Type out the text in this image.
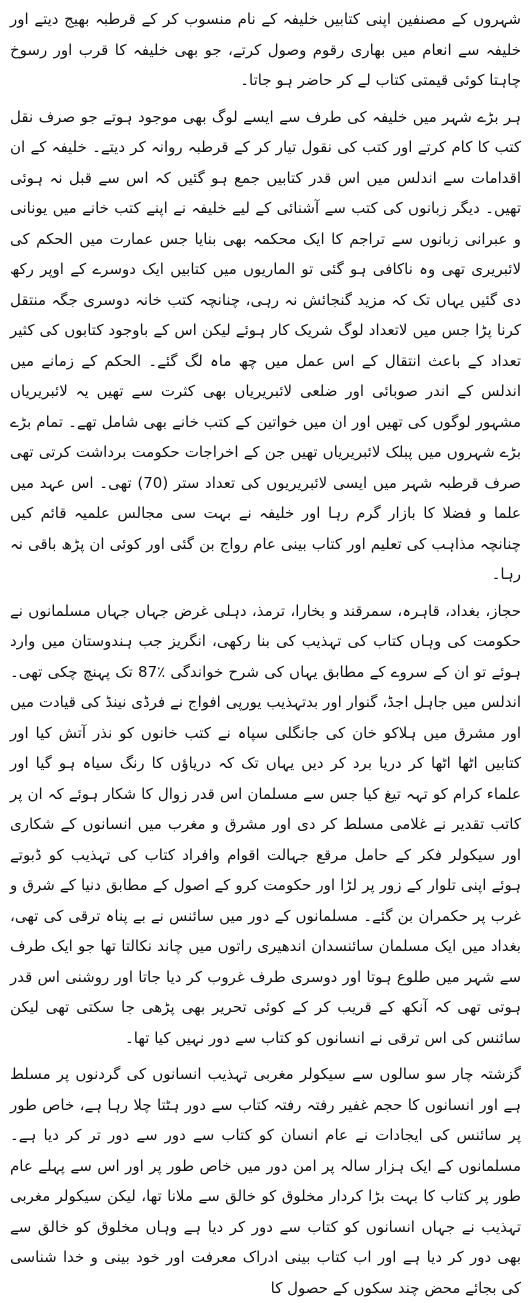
شہروں کے مصنفین اپنی کتابیں خلیفہ کے نام منسوب کر کے قرطبہ بھیج دیتے اور خلیفہ سے انعام میں بھاری رقوم وصول کرتے، جو بھی خلیفہ کا قرب اور رسوخ چاہتا کوئی قیمتی کتاب لے کر حاضر ہو جاتا۔

ہر بڑے شہر میں خلیفہ کی طرف سے ایسے لوگ بھی موجود ہوتے جو صرف نقل کتب کا کام کرتے اور کتب کی نقول تیار کر کے قرطبہ روانہ کر دیتے۔ خلیفہ کے ان اقدامات سے اندلس میں اس قدر کتابیں جمع ہو گئیں کہ اس سے قبل نہ ہوئی تھیں۔ دیگر زبانوں کی کتب سے آشنائی کے لیے خلیفہ نے اپنے کتب خانے میں یونانی و عبرانی زبانوں سے تراجم کا ایک محکمہ بھی بنایا جس عمارت میں الحکم کی لائبریری تھی وہ ناکافی ہو گئی تو الماریوں میں کتابیں ایک دوسرے کے اوپر رکھ دی گئیں یہاں تک کہ مزید گنجائش نہ رہی، چنانچہ کتب خانہ دوسری جگہ منتقل کرنا پڑا جس میں لاتعداد لوگ شریک کار ہوئے لیکن اس کے باوجود کتابوں کی کثیر تعداد کے باعث انتقال کے اس عمل میں چھ ماہ لگ گئے۔ الحکم کے زمانے میں اندلس کے اندر صوبائی اور ضلعی لائبریریاں بھی کثرت سے تھیں یہ لائبریریاں مشہور لوگوں کی تھیں اور ان میں خواتین کے کتب خانے بھی شامل تھے۔ تمام بڑے بڑے شہروں میں پبلک لائبریریاں تھیں جن کے اخراجات حکومت برداشت کرتی تھی صرف قرطبہ شہر میں ایسی لائبریریوں کی تعداد ستر (70) تھی۔ اس عہد میں علما و فضلا کا بازار گرم رہا اور خلیفہ نے بہت سی مجالس علمیہ قائم کیں چنانچہ مذاہب کی تعلیم اور کتاب بینی عام رواج بن گئی اور کوئی ان پڑھ باقی نہ رہا۔

حجاز، بغداد، قاہرہ، سمرقند و بخارا، ترمذ، دہلی غرض جہاں جہاں مسلمانوں نے حکومت کی وہاں کتاب کی تہذیب کی بنا رکھی، انگریز جب ہندوستان میں وارد ہوئے تو ان کے سروے کے مطابق یہاں کی شرح خواندگی ٪87 تک پہنچ چکی تھی۔ اندلس میں جاہل اجڈ، گنوار اور بدتہذیب یورپی افواج نے فرڈی نینڈ کی قیادت میں اور مشرق میں ہلاکو خان کی جانگلی سپاہ نے کتب خانوں کو نذر آتش کیا اور کتابیں اٹھا اٹھا کر دریا برد کر دیں یہاں تک کہ دریاؤں کا رنگ سیاہ ہو گیا اور علماء کرام کو تہہ تیغ کیا جس سے مسلمان اس قدر زوال کا شکار ہوئے کہ ان پر کاتب تقدیر نے غلامی مسلط کر دی اور مشرق و مغرب میں انسانوں کے شکاری اور سیکولر فکر کے حامل مرقع جہالت اقوام وافراد کتاب کی تہذیب کو ڈبوتے ہوئے اپنی تلوار کے زور پر لڑا اور حکومت کرو کے اصول کے مطابق دنیا کے شرق و غرب پر حکمران بن گئے۔ مسلمانوں کے دور میں سائنس نے بے پناہ ترقی کی تھی، بغداد میں ایک مسلمان سائنسدان اندھیری راتوں میں چاند نکالتا تھا جو ایک طرف سے شہر میں طلوع ہوتا اور دوسری طرف غروب کر دیا جاتا اور روشنی اس قدر ہوتی تھی کہ آنکھ کے قریب کر کے کوئی تحریر بھی پڑھی جا سکتی تھی لیکن سائنس کی اس ترقی نے انسانوں کو کتاب سے دور نہیں کیا تھا۔

گزشتہ چار سو سالوں سے سیکولر مغربی تہذیب انسانوں کی گردنوں پر مسلط ہے اور انسانوں کا حجم غفیر رفتہ رفتہ کتاب سے دور ہٹتا چلا رہا ہے، خاص طور پر سائنس کی ایجادات نے عام انسان کو کتاب سے دور سے دور تر کر دیا ہے۔ مسلمانوں کے ایک ہزار سالہ پر امن دور میں خاص طور پر اور اس سے پہلے عام طور پر کتاب کا بہت بڑا کردار مخلوق کو خالق سے ملانا تھا، لیکن سیکولر مغربی تہذیب نے جہاں انسانوں کو کتاب سے دور کر دیا ہے وہاں مخلوق کو خالق سے بھی دور کر دیا ہے اور اب کتاب بینی ادراک معرفت اور خود بینی و خدا شناسی کی بجائے محض چند سکوں کے حصول کا
